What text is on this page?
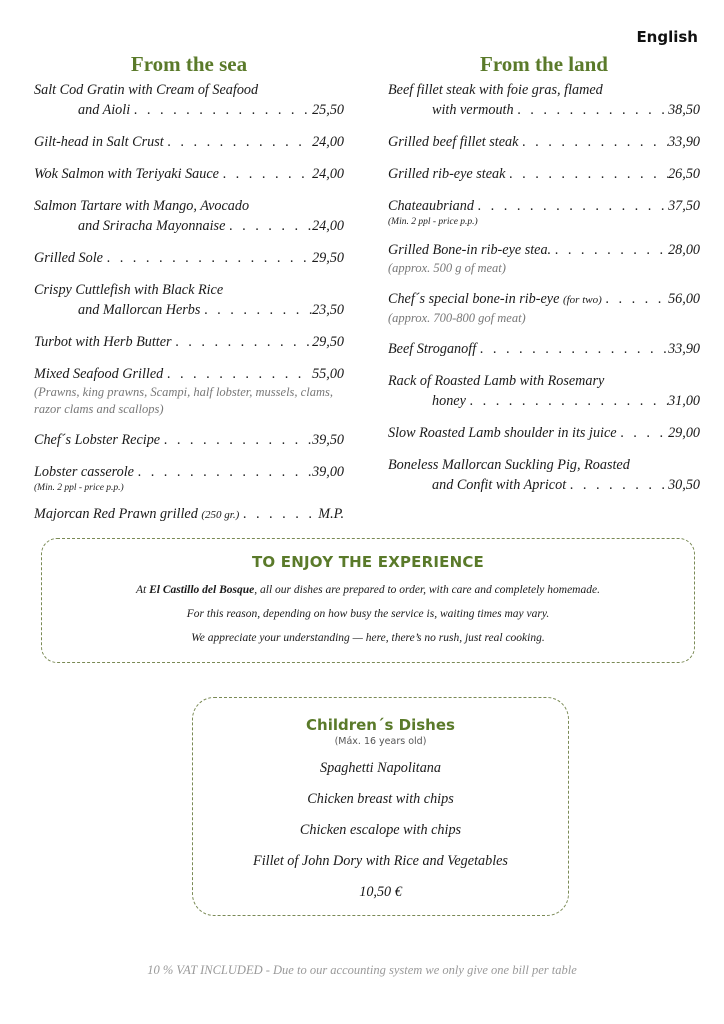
English
From the sea
Salt Cod Gratin with Cream of Seafood
and Aioli . . .	25,50
Gilt-head in Salt Crust . . .	24,00
Wok Salmon with Teriyaki Sauce . . .	24,00
Salmon Tartare with Mango, Avocado
and Sriracha Mayonnaise . . .	24,00
Grilled Sole . . .	29,50
Crispy Cuttlefish with Black Rice
and Mallorcan Herbs . . .	23,50
Turbot with Herb Butter . . .	29,50
Mixed Seafood Grilled . . .	55,00
(Prawns, king prawns, Scampi, half lobster, mussels, clams, razor clams and scallops)
Chef´s Lobster Recipe . . .	39,50
Lobster casserole . . .	39,00
(Min. 2 ppl - price p.p.)
Majorcan Red Prawn grilled
(250 gr.) . . .	M.P.
From the land
Beef fillet steak with foie gras, flamed
with vermouth . . .	38,50
Grilled beef fillet steak . . .	33,90
Grilled rib-eye steak . . .	26,50
Chateaubriand . . .	37,50
(Min. 2 ppl - price p.p.)
Grilled Bone-in rib-eye stea. . . .	28,00
(approx. 500 g of meat)
Chef´s special bone-in rib-eye
(for two) . . .	56,00
(approx. 700-800 gof meat)
Beef Stroganoff . . .	33,90
Rack of Roasted Lamb with Rosemary
honey . . .	31,00
Slow Roasted Lamb shoulder in its juice . . .	29,00
Boneless Mallorcan Suckling Pig, Roasted
and Confit with Apricot . . .	30,50
TO ENJOY THE EXPERIENCE

At El Castillo del Bosque, all our dishes are prepared to order, with care and completely homemade.

For this reason, depending on how busy the service is, waiting times may vary.

We appreciate your understanding — here, there’s no rush, just real cooking.

Children´s Dishes
(Máx. 16 years old)
Spaghetti Napolitana
Chicken breast with chips
Chicken escalope with chips
Fillet of John Dory with Rice and Vegetables
10,50 €
10 % VAT INCLUDED - Due to our accounting system we only give one bill per table
